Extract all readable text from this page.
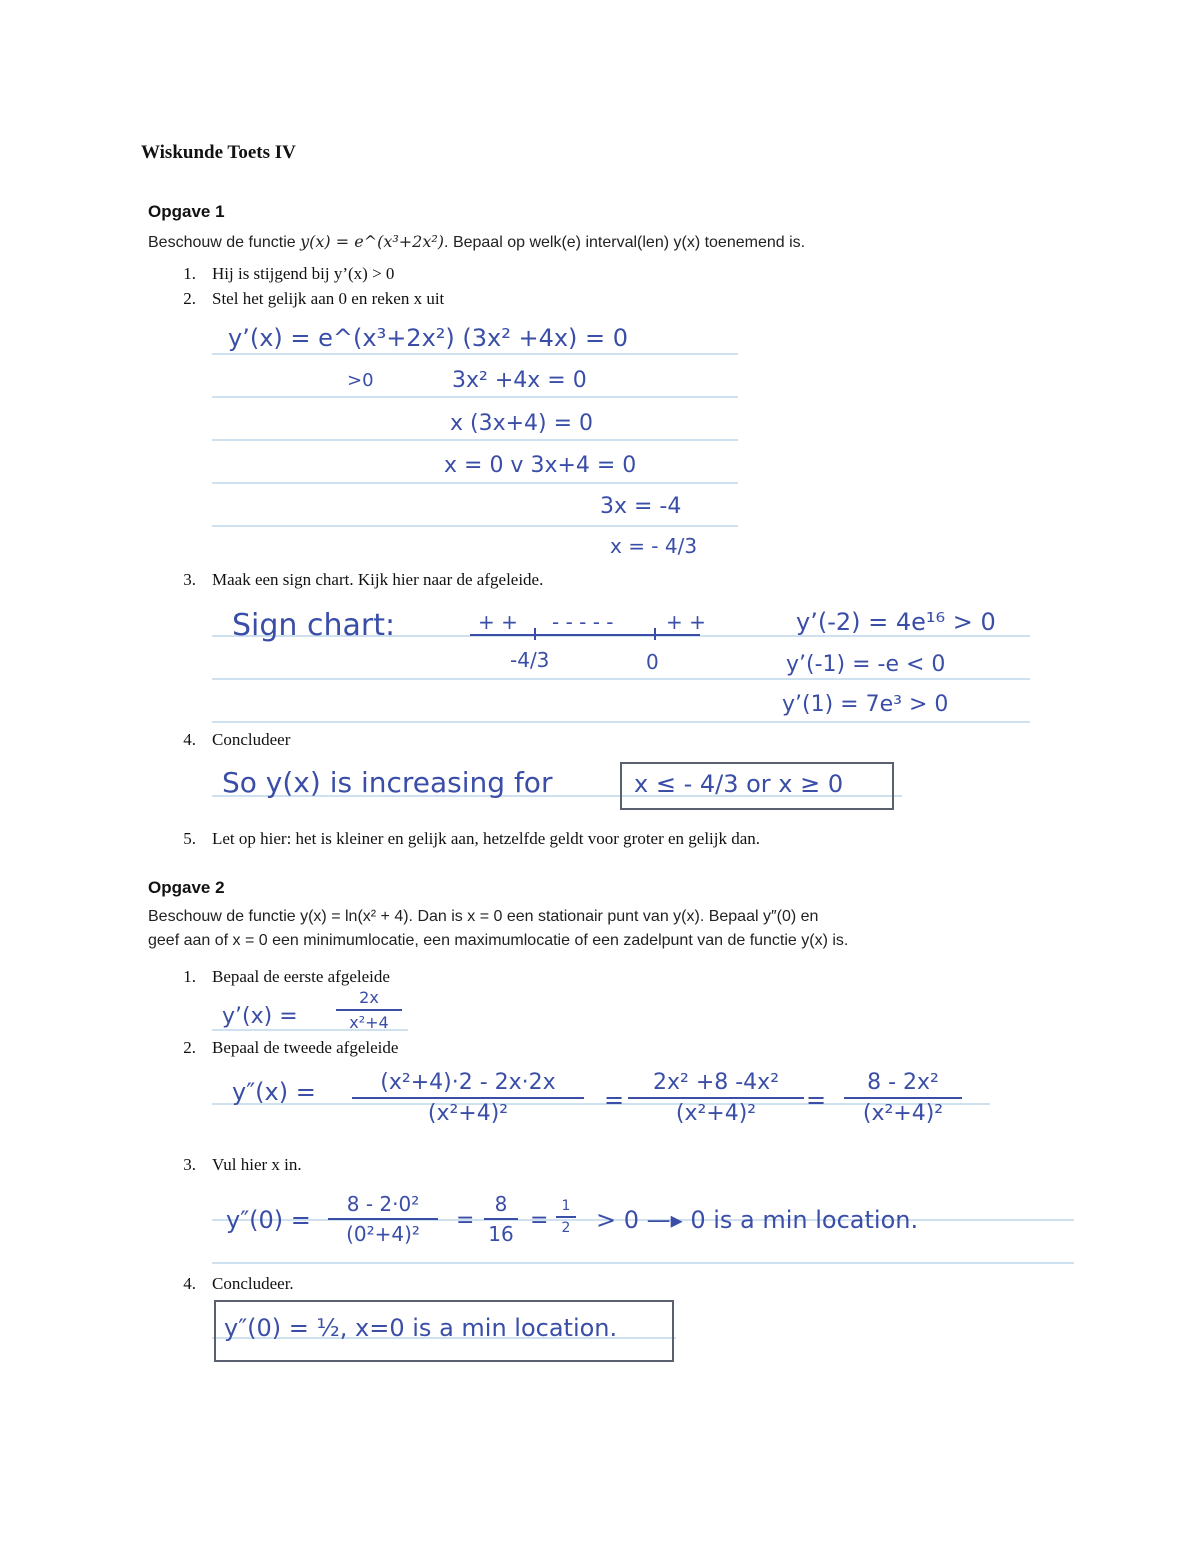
Wiskunde Toets IV
Opgave 1
Beschouw de functie y(x) = e^(x³+2x²). Bepaal op welk(e) interval(len) y(x) toenemend is.
1. Hij is stijgend bij y’(x) > 0
2. Stel het gelijk aan 0 en reken x uit
y’(x) = e^(x³+2x²) (3x² +4x) = 0
>0	3x² +4x = 0
x (3x+4) = 0
x = 0 v 3x+4 = 0
3x = -4
x = - 4/3
3. Maak een sign chart. Kijk hier naar de afgeleide.
Sign chart:	+ + - - - - -	+ +
-4/3	0
y’(-2) = 4e¹⁶ > 0
y’(-1) = -e < 0
y’(1) = 7e³ > 0
4. Concludeer
So y(x) is increasing for	x ≤ - 4/3 or x ≥ 0
5. Let op hier: het is kleiner en gelijk aan, hetzelfde geldt voor groter en gelijk dan.
Opgave 2
Beschouw de functie y(x) = ln(x² + 4). Dan is x = 0 een stationair punt van y(x). Bepaal y″(0) en
geef aan of x = 0 een minimumlocatie, een maximumlocatie of een zadelpunt van de functie y(x) is.
1. Bepaal de eerste afgeleide
y’(x) =
2x
x²+4
2. Bepaal de tweede afgeleide
y″(x) =	(x²+4)·2 - 2x·2x
(x²+4)²	=
2x² +8 -4x²
(x²+4)²	=
8 - 2x²
(x²+4)²
3. Vul hier x in.
y″(0) =
8 - 2·0²
(0²+4)²
=
8
16
=
1
2 > 0 —▸ 0 is a min location.
4. Concludeer.
y″(0) = ½, x=0 is a min location.
